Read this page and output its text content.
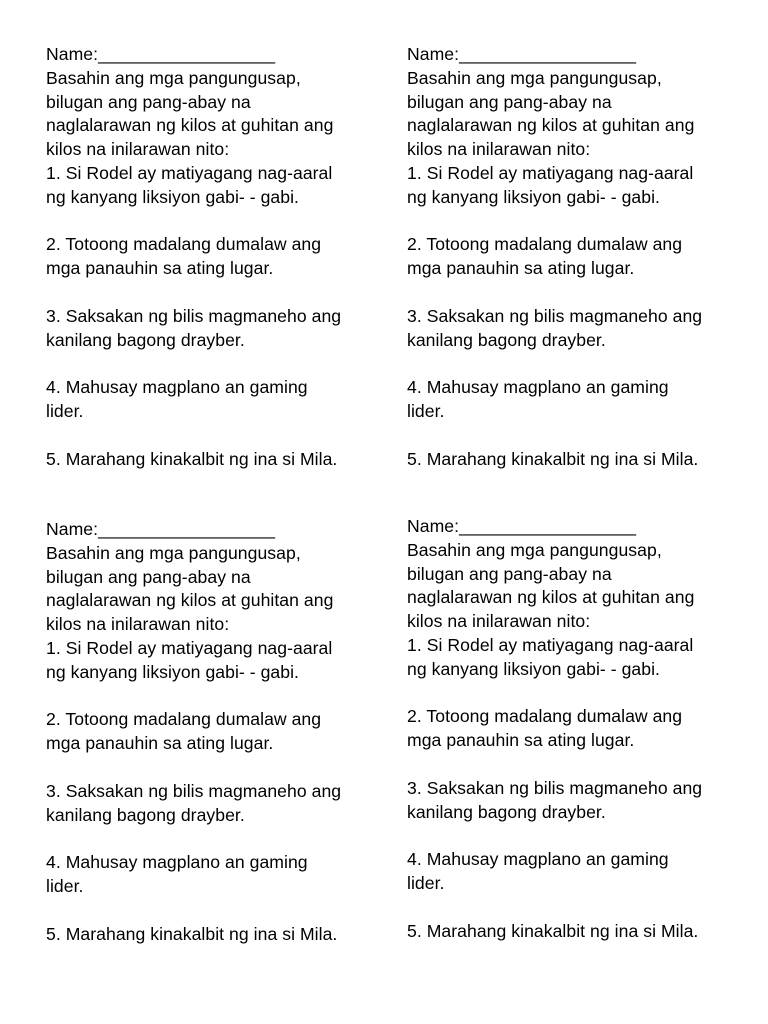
Name:__________________
Basahin ang mga pangungusap,
bilugan ang pang-abay na
naglalarawan ng kilos at guhitan ang
kilos na inilarawan nito:
1. Si Rodel ay matiyagang nag-aaral
ng kanyang liksiyon gabi- - gabi.
2. Totoong madalang dumalaw ang
mga panauhin sa ating lugar.
3. Saksakan ng bilis magmaneho ang
kanilang bagong drayber.
4. Mahusay magplano an gaming
lider.
5. Marahang kinakalbit ng ina si Mila.
Name:__________________
Basahin ang mga pangungusap,
bilugan ang pang-abay na
naglalarawan ng kilos at guhitan ang
kilos na inilarawan nito:
1. Si Rodel ay matiyagang nag-aaral
ng kanyang liksiyon gabi- - gabi.
2. Totoong madalang dumalaw ang
mga panauhin sa ating lugar.
3. Saksakan ng bilis magmaneho ang
kanilang bagong drayber.
4. Mahusay magplano an gaming
lider.
5. Marahang kinakalbit ng ina si Mila.
Name:__________________
Basahin ang mga pangungusap,
bilugan ang pang-abay na
naglalarawan ng kilos at guhitan ang
kilos na inilarawan nito:
1. Si Rodel ay matiyagang nag-aaral
ng kanyang liksiyon gabi- - gabi.
2. Totoong madalang dumalaw ang
mga panauhin sa ating lugar.
3. Saksakan ng bilis magmaneho ang
kanilang bagong drayber.
4. Mahusay magplano an gaming
lider.
5. Marahang kinakalbit ng ina si Mila.
Name:__________________
Basahin ang mga pangungusap,
bilugan ang pang-abay na
naglalarawan ng kilos at guhitan ang
kilos na inilarawan nito:
1. Si Rodel ay matiyagang nag-aaral
ng kanyang liksiyon gabi- - gabi.
2. Totoong madalang dumalaw ang
mga panauhin sa ating lugar.
3. Saksakan ng bilis magmaneho ang
kanilang bagong drayber.
4. Mahusay magplano an gaming
lider.
5. Marahang kinakalbit ng ina si Mila.
